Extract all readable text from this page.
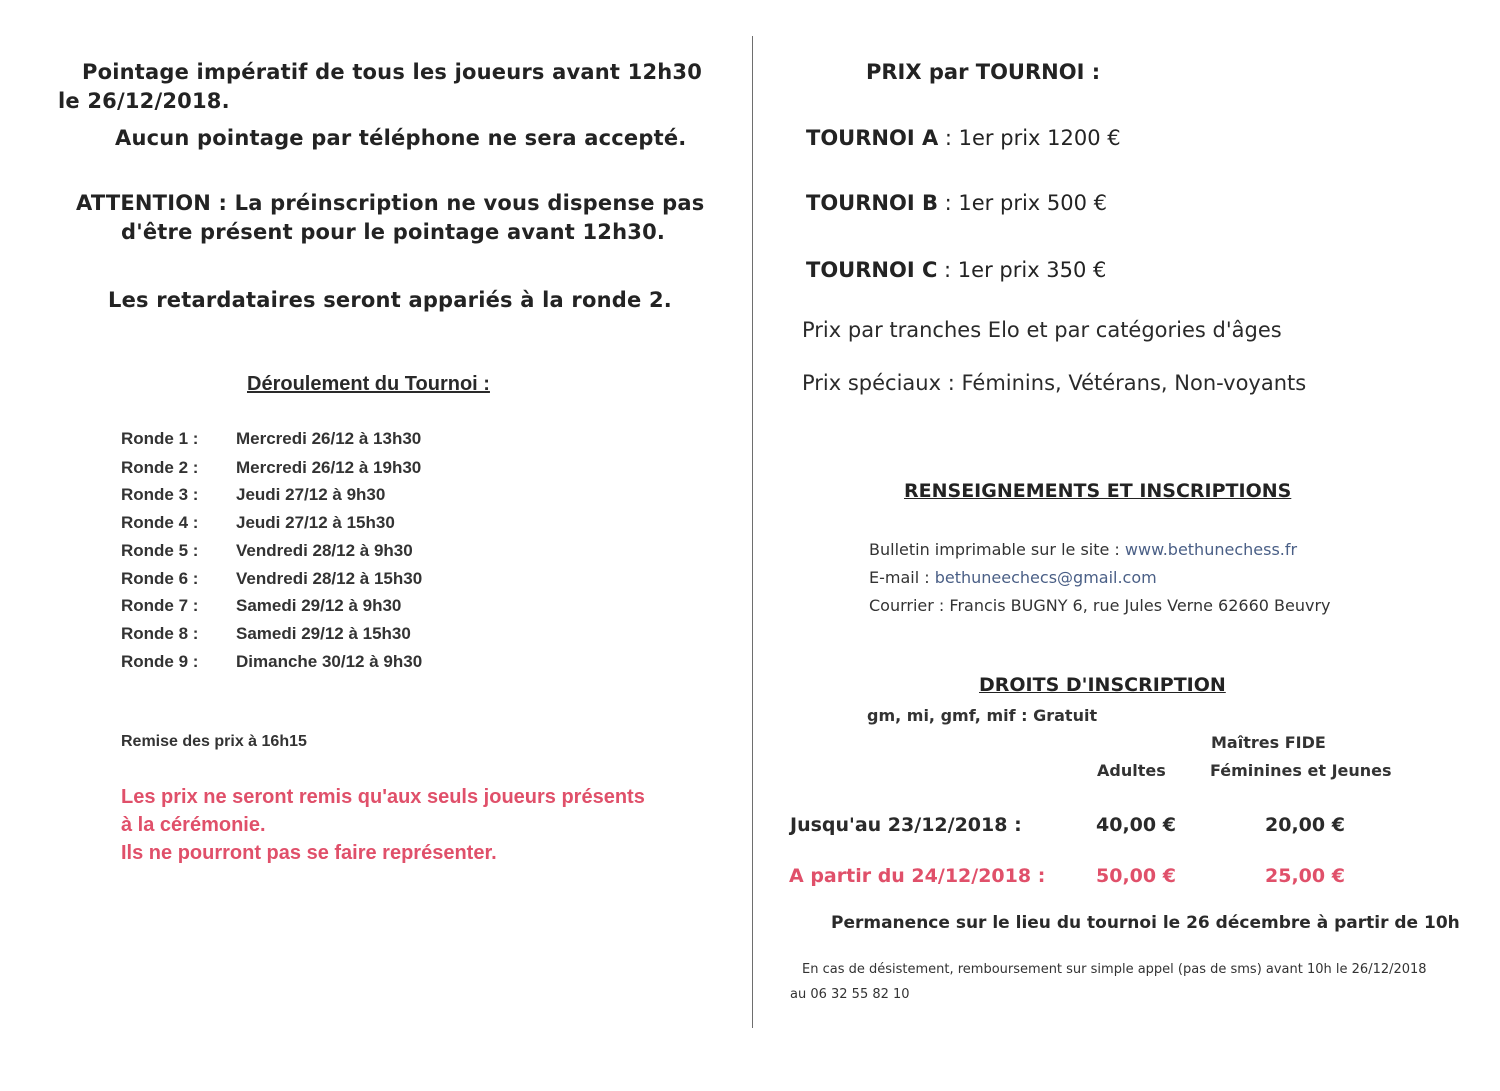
Pointage impératif de tous les joueurs avant 12h30
le 26/12/2018.
Aucun pointage par téléphone ne sera accepté.
ATTENTION : La préinscription ne vous dispense pas
d'être présent pour le pointage avant 12h30.
Les retardataires seront appariés à la ronde 2.
Déroulement du Tournoi :
Ronde 1 : Mercredi 26/12 à 13h30
Ronde 2 : Mercredi 26/12 à 19h30
Ronde 3 : Jeudi 27/12 à 9h30
Ronde 4 : Jeudi 27/12 à 15h30
Ronde 5 : Vendredi 28/12 à 9h30
Ronde 6 : Vendredi 28/12 à 15h30
Ronde 7 : Samedi 29/12 à 9h30
Ronde 8 : Samedi 29/12 à 15h30
Ronde 9 : Dimanche 30/12 à 9h30
Remise des prix à 16h15
Les prix ne seront remis qu'aux seuls joueurs présents
à la cérémonie.
Ils ne pourront pas se faire représenter.
PRIX par TOURNOI :
TOURNOI A : 1er prix 1200 €
TOURNOI B : 1er prix 500 €
TOURNOI C : 1er prix 350 €
Prix par tranches Elo et par catégories d'âges
Prix spéciaux : Féminins, Vétérans, Non-voyants
RENSEIGNEMENTS ET INSCRIPTIONS
Bulletin imprimable sur le site : www.bethunechess.fr
E-mail : bethuneechecs@gmail.com
Courrier : Francis BUGNY 6, rue Jules Verne 62660 Beuvry
DROITS D'INSCRIPTION
gm, mi, gmf, mif : Gratuit
Maîtres FIDE
Adultes	Féminines et Jeunes
Jusqu'au 23/12/2018 :	40,00 €	20,00 €
A partir du 24/12/2018 :	50,00 €	25,00 €
Permanence sur le lieu du tournoi le 26 décembre à partir de 10h
En cas de désistement, remboursement sur simple appel (pas de sms) avant 10h le 26/12/2018
au 06 32 55 82 10
